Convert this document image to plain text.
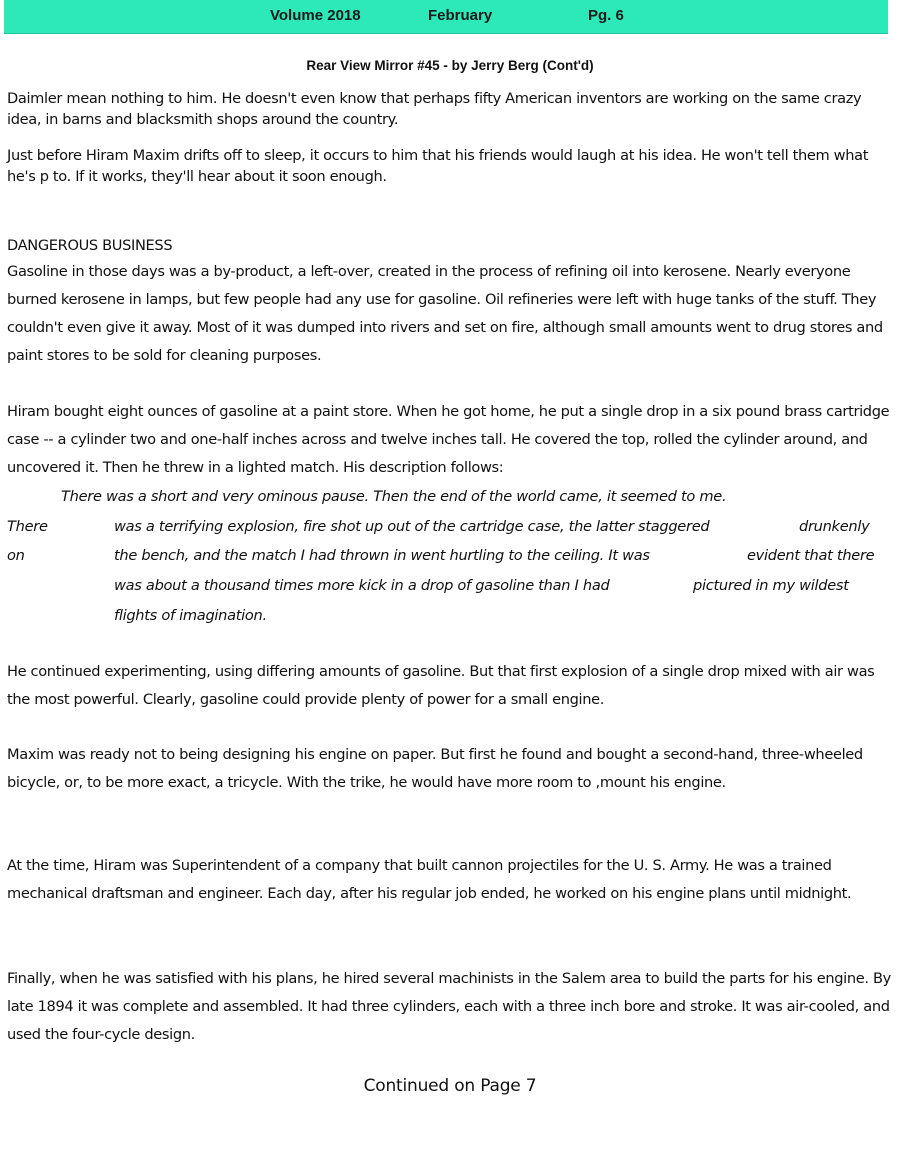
Volume 2018	February	Pg. 6
Rear View Mirror #45 - by Jerry Berg (Cont'd)

Daimler mean nothing to him. He doesn't even know that perhaps fifty American inventors are working on the same crazy idea, in barns and blacksmith shops around the country.

Just before Hiram Maxim drifts off to sleep, it occurs to him that his friends would laugh at his idea. He won't tell them what he's p to. If it works, they'll hear about it soon enough.

DANGEROUS BUSINESS

Gasoline in those days was a by-product, a left-over, created in the process of refining oil into kerosene. Nearly everyone burned kerosene in lamps, but few people had any use for gasoline. Oil refineries were left with huge tanks of the stuff. They couldn't even give it away. Most of it was dumped into rivers and set on fire, although small amounts went to drug stores and paint stores to be sold for cleaning purposes.

Hiram bought eight ounces of gasoline at a paint store. When he got home, he put a single drop in a six pound brass cartridge case -- a cylinder two and one-half inches across and twelve inches tall. He covered the top, rolled the cylinder around, and uncovered it. Then he threw in a lighted match. His description follows:

There was a short and very ominous pause. Then the end of the world came, it seemed to me.

There	was a terrifying explosion, fire shot up out of the cartridge case, the latter staggered	drunkenly

on	the bench, and the match I had thrown in went hurtling to the ceiling. It was	evident that there

was about a thousand times more kick in a drop of gasoline than I had	pictured in my wildest

flights of imagination.

He continued experimenting, using differing amounts of gasoline. But that first explosion of a single drop mixed with air was the most powerful. Clearly, gasoline could provide plenty of power for a small engine.

Maxim was ready not to being designing his engine on paper. But first he found and bought a second-hand, three-wheeled bicycle, or, to be more exact, a tricycle. With the trike, he would have more room to ,mount his engine.

At the time, Hiram was Superintendent of a company that built cannon projectiles for the U. S. Army. He was a trained mechanical draftsman and engineer. Each day, after his regular job ended, he worked on his engine plans until midnight.

Finally, when he was satisfied with his plans, he hired several machinists in the Salem area to build the parts for his engine. By late 1894 it was complete and assembled. It had three cylinders, each with a three inch bore and stroke. It was air-cooled, and used the four-cycle design.

Continued on Page 7
